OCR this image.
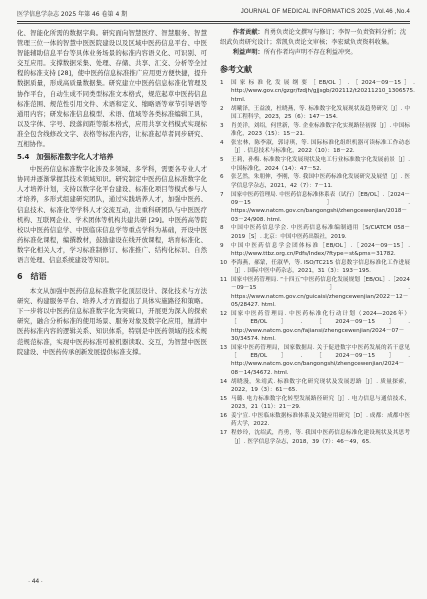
医学信息学杂志 2025 年第 46 卷第 4 期	JOURNAL OF MEDICAL INFORMATICS 2025 ,Vol.46 ,No.4

化、智能化所需的数据字典。研究面向智慧医疗、智慧服务、智慧管理三位一体的智慧中医医院建设以及区域中医药信息平台、中医智能辅助信息平台等具体业务场景的标准内容语义化、可识别、可交互应用。支撑数据采集、处理、存储、共享、汇交、分析等全过程的标准支持 [28]，使中医药信息标准推广应用更方便快捷，提升数据质量，形成高质量数据集。研究建立中医药信息标准化管理及协作平台，自动生成不同类型标准文本格式，规范起草中医药信息标准范围、规范性引用文件、术语和定义、缩略语等章节引导语等通用内容；研发标准信息模型、术语、值域等各类标准编辑工具，以及字体、字号、段落间距等版本格式，应用共享文档模式实现标准全包含线修改文字、表格等标准内容，让标准起草者同步研究、互相协作。

5.4　加强标准数字化人才培养

中医药信息标准数字化涉及多领域、多学科，需要各专业人才协同并逐渐掌握其技术领域知识。研究制定中医药信息标准数字化人才培养计划，支持以数字化平台建设、标准化项目等模式参与人才培养，多形式组建研究团队，通过实践培养人才，加强中医药、信息技术、标准化等学科人才交流互动，注重科研团队与中医医疗机构、互联网企业、学术团体等机构共建共研 [29]。中医药高等院校以中医药信息学、中医临床信息学等重点学科为基础，开设中医药标准化课程，编撰教材，鼓励建设在线开放课程，培育标准化、数字化相关人才，学习标准制修订、标准推广、结构化标识、自然语言处理、信息系统建设等知识。

6　结语

本文从加强中医药信息标准数字化顶层设计、深化技术与方法研究、构建服务平台、培养人才方面提出了具体实施路径和策略。下一步将以中医药信息标准数字化为突破口，开展更为深入的探索研究，融合分析标准的使用场景、服务对象及数字化应用，厘清中医药标准内容的逻辑关系、知识体系，特别是中医药领域的技术规范规范标准，实现中医药标准可被机器读取、交互，为智慧中医医院建设、中医药传承创新发展提供标准支撑。

作者贡献：肖勇负责论文撰写与修订；李智一负责资料分析；沈绍武负责研究设计；常凯负责论文审核；李宏斌负责资料收集。

利益声明：所有作者均声明不存在利益冲突。

参考文献
1	国家标准化发展纲要［EB/OL］.［2024－09－15］. http://www.gov.cn/gzgr/fzdjh/gjjsgb/202112/t20211210_1306575. html.
2	胡曦泽，王益波，杜晓燕，等. 标准数字化发展现状及趋势研究［J］. 中国工程科学，2023，25（6）：147－154.
3	肖美洋，刘绍，何世新，等. 企业标准数字化实现路径初探［J］. 中国标准化，2023（15）：15－21.
4	张宏林，陈李淑，郭诗琪，等. 国际标准化组织机器可读标准工作动态［J］. 信息技术与标准化，2022（10）：18－22.
5	王莉，孙梅. 标准数字化发展现状及电工行业标准数字化发展前景［J］. 中国标准化，2024（14）：47－52.
6	张艺然，朱朋伸，李刚，等. 我国中医药标准化发展研究及展望［J］. 医学信息学杂志，2021，42（7）：7－11.
7	国家中医药管理局. 中医药信息标准体系表（试行）［EB/OL］.［2024－09－15］. https://www.natcm.gov.cn/bangongshi/zhengcewenjian/2018－03－24/908. html.
8	中国中医药信息学会. 中医药信息标准编制通用［S/CIATCM 058－2019［S］. 北京：中国中医药出版社，2019.
9	中国中医药信息学会团体标准［EB/OL］.［2024－09－15］. http://www.ttbz.org.cn/Pdfs/Index/?ftype＝st&pms＝31782.
10 李海燕，郝蒙，任淑华，等. ISO/TC215 信息数字信息标准化工作进展［J］. 国际中医中药杂志，2021，31（3）：193－195.
11 国家中医药管理局. “十四五”中医药信息化发展规划［EB/OL］.［2024－09－15］. https://www.natcm.gov.cn/guicaisi/zhengcewenjian/2022－12－05/28427. html.
12 国家中医药管理局. 中医药标准化行动计划（2024—2026年）［EB/OL］.［2024－09－15］. http://www.natcm.gov.cn/fajiansi/zhengcewenjian/2024－07－30/34574. html.
13 国家中医药管理局，国家数据局. 关于促进数字中医药发展的若干意见［EB/OL］.［2024－09－15］. http://www.natcm.gov.cn/bangongshi/zhengcewenjian/2024－08－14/34672. html.
14 胡晓漫，朱靖武. 标准数字化研究现状及发展思路［J］. 质量探索，2022，19（3）：61－65.
15 马璐. 电力标准数字化转型发展路径研究［J］. 电力信息与通信技术，2023，21（11）：21－29.
16 姜宁宣. 中医临床数据标准体系及关键应用研究［D］. 成都：成都中医药大学，2022.
17 程妙玲，沈绍武，肖勇，等. 我国中医药信息标准化建设现状及其思考［J］. 医学信息学杂志，2018，39（7）：46－49，65.
· 44 ·
